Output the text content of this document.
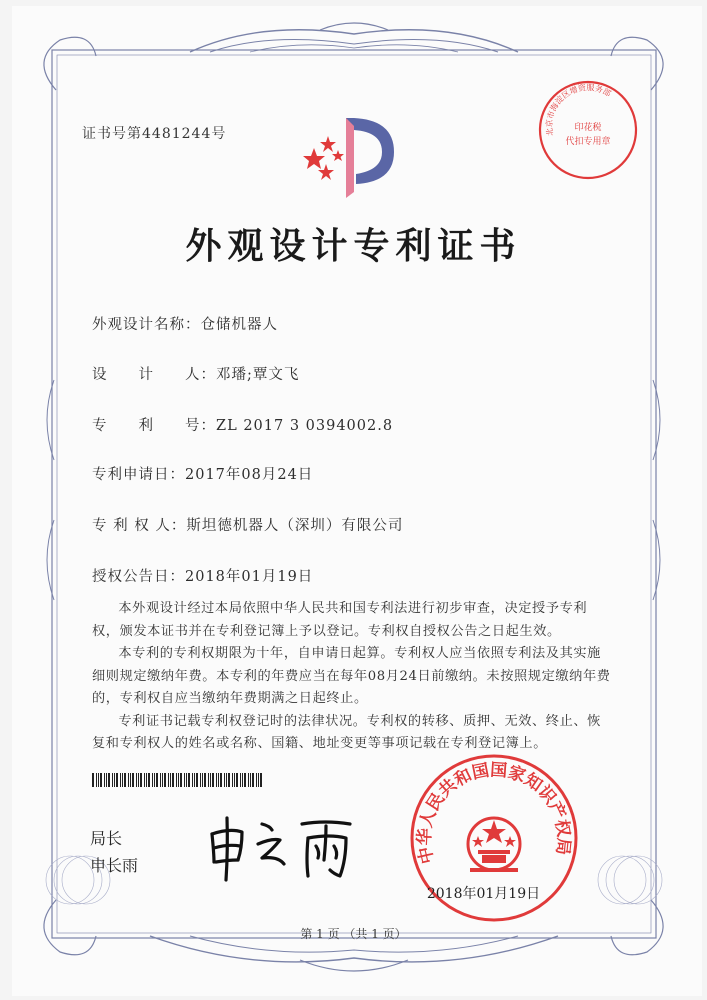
证书号第4481244号	北京市海淀区增资服务部
印花税
代扣专用章
外观设计专利证书
外观设计名称：仓储机器人
设　　计　　人：邓璠;覃文飞
专　　利　　号：ZL 2017 3 0394002.8
专利申请日：2017年08月24日
专 利 权 人：斯坦德机器人（深圳）有限公司
授权公告日：2018年01月19日

本外观设计经过本局依照中华人民共和国专利法进行初步审查，决定授予专利权，颁发本证书并在专利登记簿上予以登记。专利权自授权公告之日起生效。

本专利的专利权期限为十年，自申请日起算。专利权人应当依照专利法及其实施细则规定缴纳年费。本专利的年费应当在每年08月24日前缴纳。未按照规定缴纳年费的，专利权自应当缴纳年费期满之日起终止。

专利证书记载专利权登记时的法律状况。专利权的转移、质押、无效、终止、恢复和专利权人的姓名或名称、国籍、地址变更等事项记载在专利登记簿上。

局长
申长雨	中华人民共和国国家知识产权局
2018年01月19日
第 1 页 （共 1 页）
